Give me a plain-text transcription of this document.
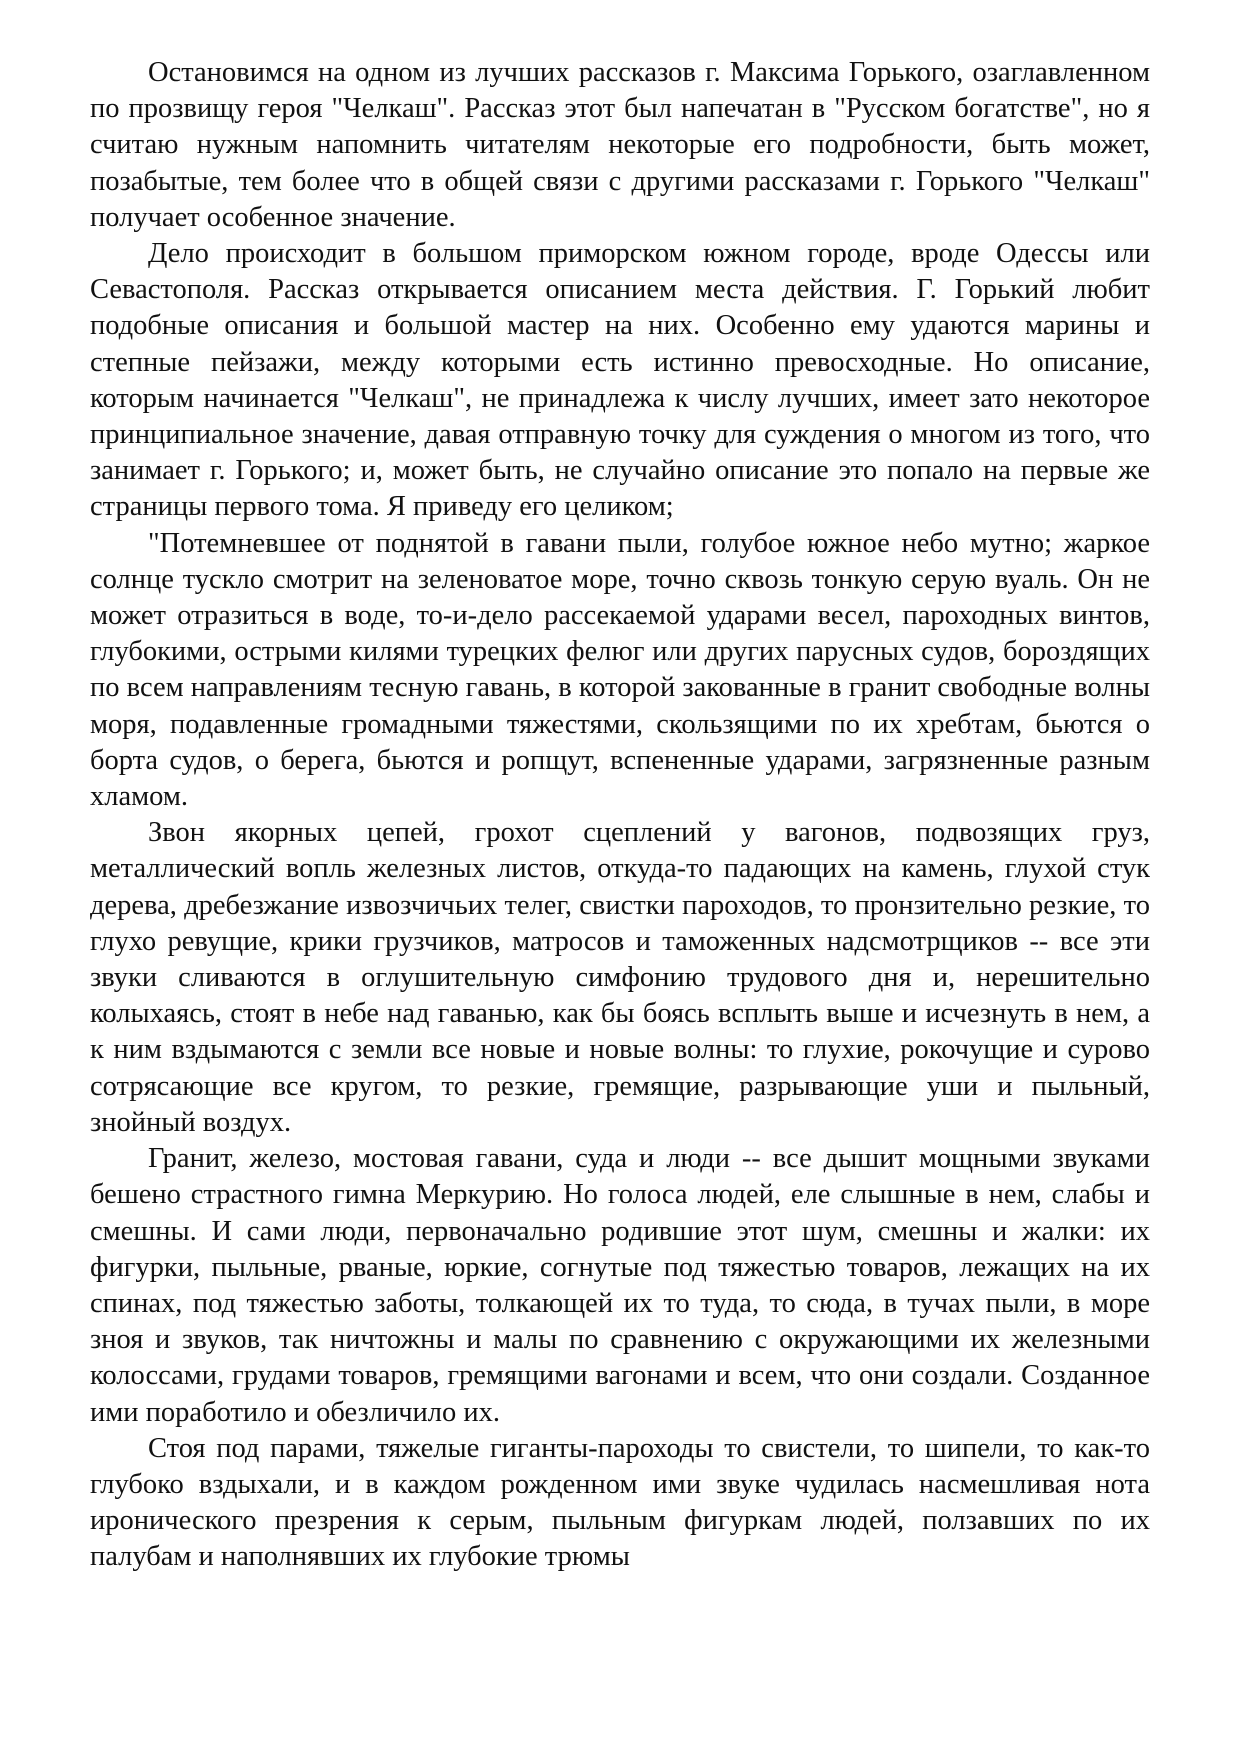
Остановимся на одном из лучших рассказов г. Максима Горького, озаглавленном по прозвищу героя "Челкаш". Рассказ этот был напечатан в "Русском богатстве", но я считаю нужным напомнить читателям некоторые его подробности, быть может, позабытые, тем более что в общей связи с другими рассказами г. Горького "Челкаш" получает особенное значение.

Дело происходит в большом приморском южном городе, вроде Одессы или Севастополя. Рассказ открывается описанием места действия. Г. Горький любит подобные описания и большой мастер на них. Особенно ему удаются марины и степные пейзажи, между которыми есть истинно превосходные. Но описание, которым начинается "Челкаш", не принадлежа к числу лучших, имеет зато некоторое принципиальное значение, давая отправную точку для суждения о многом из того, что занимает г. Горького; и, может быть, не случайно описание это попало на первые же страницы первого тома. Я приведу его целиком;

"Потемневшее от поднятой в гавани пыли, голубое южное небо мутно; жаркое солнце тускло смотрит на зеленоватое море, точно сквозь тонкую серую вуаль. Он не может отразиться в воде, то-и-дело рассекаемой ударами весел, пароходных винтов, глубокими, острыми килями турецких фелюг или других парусных судов, бороздящих по всем направлениям тесную гавань, в которой закованные в гранит свободные волны моря, подавленные громадными тяжестями, скользящими по их хребтам, бьются о борта судов, о берега, бьются и ропщут, вспененные ударами, загрязненные разным хламом.

Звон якорных цепей, грохот сцеплений у вагонов, подвозящих груз, металлический вопль железных листов, откуда-то падающих на камень, глухой стук дерева, дребезжание извозчичьих телег, свистки пароходов, то пронзительно резкие, то глухо ревущие, крики грузчиков, матросов и таможенных надсмотрщиков -- все эти звуки сливаются в оглушительную симфонию трудового дня и, нерешительно колыхаясь, стоят в небе над гаванью, как бы боясь всплыть выше и исчезнуть в нем, а к ним вздымаются с земли все новые и новые волны: то глухие, рокочущие и сурово сотрясающие все кругом, то резкие, гремящие, разрывающие уши и пыльный, знойный воздух.

Гранит, железо, мостовая гавани, суда и люди -- все дышит мощными звуками бешено страстного гимна Меркурию. Но голоса людей, еле слышные в нем, слабы и смешны. И сами люди, первоначально родившие этот шум, смешны и жалки: их фигурки, пыльные, рваные, юркие, согнутые под тяжестью товаров, лежащих на их спинах, под тяжестью заботы, толкающей их то туда, то сюда, в тучах пыли, в море зноя и звуков, так ничтожны и малы по сравнению с окружающими их железными колоссами, грудами товаров, гремящими вагонами и всем, что они создали. Созданное ими поработило и обезличило их.

Стоя под парами, тяжелые гиганты-пароходы то свистели, то шипели, то как-то глубоко вздыхали, и в каждом рожденном ими звуке чудилась насмешливая нота иронического презрения к серым, пыльным фигуркам людей, ползавших по их палубам и наполнявших их глубокие трюмы
